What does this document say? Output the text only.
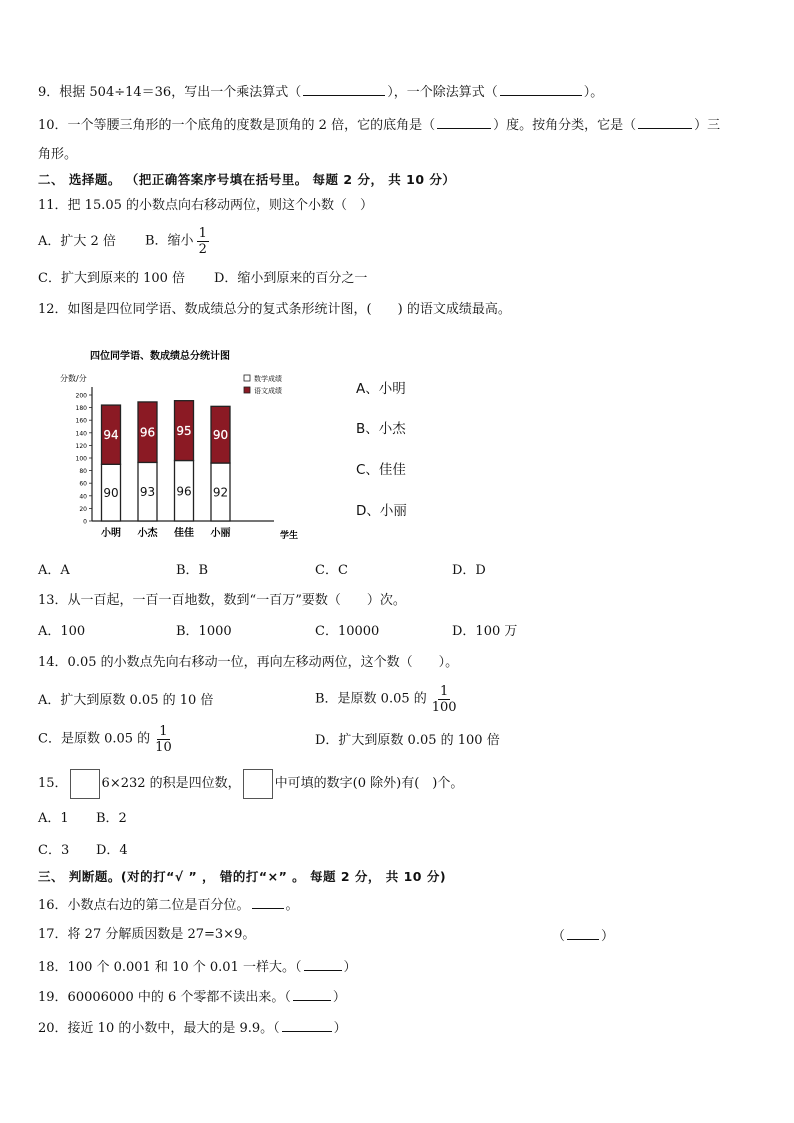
9．根据 504÷14＝36，写出一个乘法算式（	），一个除法算式（	）。
10．一个等腰三角形的一个底角的度数是顶角的 2 倍，它的底角是（	）度。按角分类，它是（	）三
角形。
二、 选择题。 （把正确答案序号填在括号里。 每题 2 分， 共 10 分）
11．把 15.05 的小数点向右移动两位，则这个小数（　）
A．扩大 2 倍 B．缩小 $\frac{1}{2}$
C．扩大到原来的 100 倍 D．缩小到原来的百分之一
12．如图是四位同学语、数成绩总分的复式条形统计图，(　　) 的语文成绩最高。
四位同学语、数成绩总分统计图
分数/分
学生
0
20
40
60
80
100
120
140
160
180
200
90
94
小明
93
96
小杰
96
95
佳佳
92
90
小丽
数学成绩
语文成绩	A、小明
B、小杰
C、佳佳
D、小丽
A．A	B．B	C．C	D．D
13．从一百起，一百一百地数，数到“一百万”要数（　　）次。
A．100	B．1000	C．10000	D．100 万
14．0.05 的小数点先向右移动一位，再向左移动两位，这个数（　　）。
A．扩大到原数 0.05 的 10 倍	B．是原数 0.05 的 $\frac{1}{100}$
C．是原数 0.05 的 $\frac{1}{10}$	D．扩大到原数 0.05 的 100 倍
15．	6×232 的积是四位数，	中可填的数字(0 除外)有(　)个。
A．1 B．2
C．3 D．4
三、 判断题。(对的打“√ ” ， 错的打“×” 。 每题 2 分， 共 10 分)
16．小数点右边的第二位是百分位。	。
17．将 27 分解质因数是 27=3×9。	（	）
18．100 个 0.001 和 10 个 0.01 一样大。（	）
19．60006000 中的 6 个零都不读出来。（	）
20．接近 10 的小数中，最大的是 9.9。（	）
